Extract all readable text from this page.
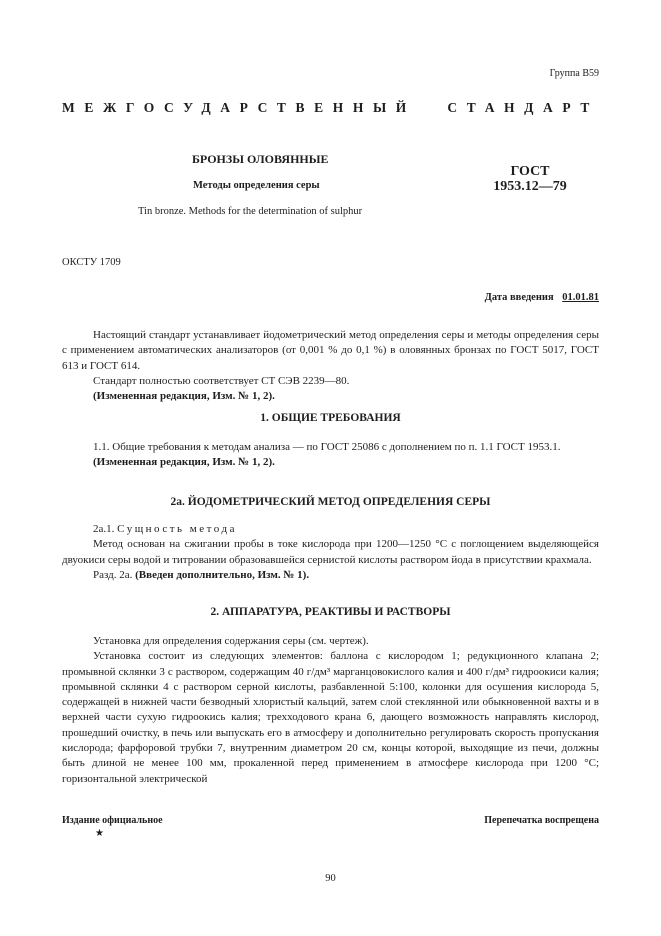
Группа В59
МЕЖГОСУДАРСТВЕННЫЙ СТАНДАРТ
БРОНЗЫ ОЛОВЯННЫЕ
Методы определения серы
Tin bronze. Methods for the determination of sulphur
ГОСТ
1953.12—79
ОКСТУ 1709
Дата введения 01.01.81

Настоящий стандарт устанавливает йодометрический метод определения серы и методы определения серы с применением автоматических анализаторов (от 0,001 % до 0,1 %) в оловянных бронзах по ГОСТ 5017, ГОСТ 613 и ГОСТ 614.

Стандарт полностью соответствует СТ СЭВ 2239—80.

(Измененная редакция, Изм. № 1, 2).

1. ОБЩИЕ ТРЕБОВАНИЯ

1.1. Общие требования к методам анализа — по ГОСТ 25086 с дополнением по п. 1.1 ГОСТ 1953.1.

(Измененная редакция, Изм. № 1, 2).

2а. ЙОДОМЕТРИЧЕСКИЙ МЕТОД ОПРЕДЕЛЕНИЯ СЕРЫ

2а.1. Сущность метода

Метод основан на сжигании пробы в токе кислорода при 1200—1250 °С с поглощением выделяющейся двуокиси серы водой и титровании образовавшейся сернистой кислоты раствором йода в присутствии крахмала.

Разд. 2а. (Введен дополнительно, Изм. № 1).

2. АППАРАТУРА, РЕАКТИВЫ И РАСТВОРЫ

Установка для определения содержания серы (см. чертеж).

Установка состоит из следующих элементов: баллона с кислородом 1; редукционного клапана 2; промывной склянки 3 с раствором, содержащим 40 г/дм³ марганцовокислого калия и 400 г/дм³ гидроокиси калия; промывной склянки 4 с раствором серной кислоты, разбавленной 5:100, колонки для осушения кислорода 5, содержащей в нижней части безводный хлористый кальций, затем слой стеклянной или обыкновенной вахты и в верхней части сухую гидроокись калия; трехходового крана 6, дающего возможность направлять кислород, прошедший очистку, в печь или выпускать его в атмосферу и дополнительно регулировать скорость пропускания кислорода; фарфоровой трубки 7, внутренним диаметром 20 см, концы которой, выходящие из печи, должны быть длиной не менее 100 мм, прокаленной перед применением в атмосфере кислорода при 1200 °С; горизонтальной электрической

Издание официальное
★
Перепечатка воспрещена
90
